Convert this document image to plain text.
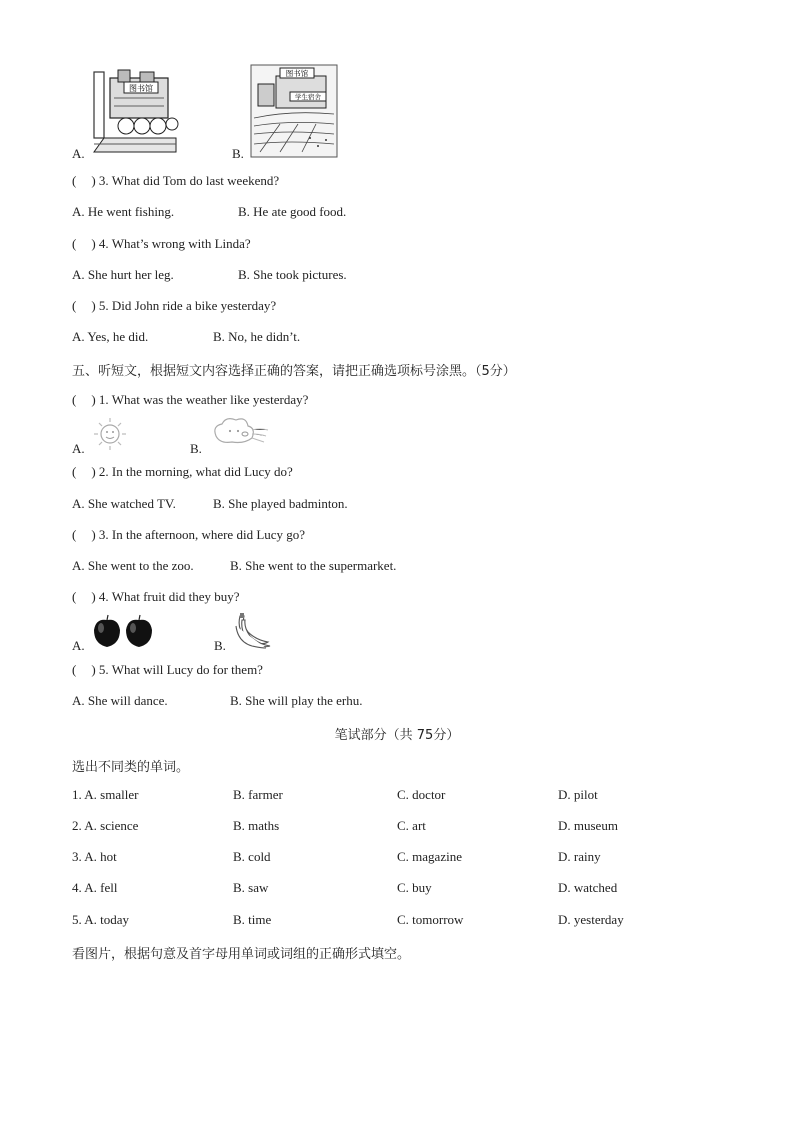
A.
图书馆
B.
图书馆
学生宿舍
( ) 3. What did Tom do last weekend?
A. He went fishing.	B. He ate good food.
( ) 4. What’s wrong with Linda?
A. She hurt her leg.	B. She took pictures.
( ) 5. Did John ride a bike yesterday?
A. Yes, he did.	B. No, he didn’t.
五、听短文，根据短文内容选择正确的答案，请把正确选项标号涂黑。（5分）
( ) 1. What was the weather like yesterday?
A.	B.
( ) 2. In the morning, what did Lucy do?
A. She watched TV.	B. She played badminton.
( ) 3. In the afternoon, where did Lucy go?
A. She went to the zoo.	B. She went to the supermarket.
( ) 4. What fruit did they buy?
A.	B.
( ) 5. What will Lucy do for them?
A. She will dance.	B. She will play the erhu.
笔试部分（共 75分）
选出不同类的单词。
1. A. smaller	B. farmer	C. doctor	D. pilot
2. A. science	B. maths	C. art	D. museum
3. A. hot	B. cold	C. magazine	D. rainy
4. A. fell	B. saw	C. buy	D. watched
5. A. today	B. time	C. tomorrow	D. yesterday
看图片，根据句意及首字母用单词或词组的正确形式填空。
